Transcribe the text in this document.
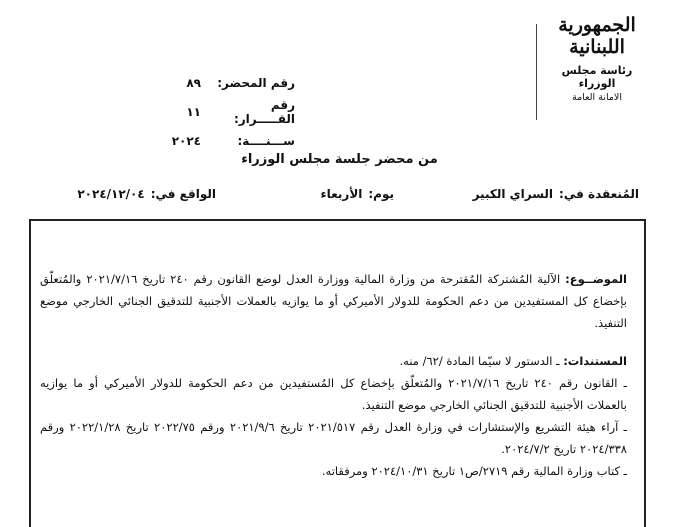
الجمهورية
اللبنانية
رئاسة مجلس الوزراء
الامانة العامة
رقم المحضر:
٨٩
رقم القـــــرار:
١١
ســـنــــة:
٢٠٢٤
من محضر جلسة مجلس الوزراء
المُنعقدة في:
السراي الكبير
يوم:
الأربعاء
الواقع في:
٢٠٢٤/١٢/٠٤
الموضــوع: الآلية المُشتركة المُقترحة من وزارة المالية ووزارة العدل لوضع القانون رقم ٢٤٠ تاريخ ٢٠٢١/٧/١٦ والمُتعلّق بإخضاع كل المستفيدين من دعم الحكومة للدولار الأميركي أو ما يوازيه بالعملات الأجنبية للتدقيق الجنائي الخارجي موضع التنفيذ.
المستندات: ـ الدستور لا سيّما المادة /٦٢/ منه.
ـ القانون رقم ٢٤٠ تاريخ ٢٠٢١/٧/١٦ والمُتعلّق بإخضاع كل المُستفيدين من دعم الحكومة للدولار الأميركي أو ما يوازيه بالعملات الأجنبية للتدقيق الجنائي الخارجي موضع التنفيذ.
ـ آراء هيئة التشريع والإستشارات في وزارة العدل رقم ٢٠٢١/٥١٧ تاريخ ٢٠٢١/٩/٦ ورقم ٢٠٢٢/٧٥ تاريخ ٢٠٢٢/١/٢٨ ورقم ٢٠٢٤/٣٣٨ تاريخ ٢٠٢٤/٧/٢.
ـ كتاب وزارة المالية رقم ٢٧١٩/ص١ تاريخ ٢٠٢٤/١٠/٣١ ومرفقاته.
